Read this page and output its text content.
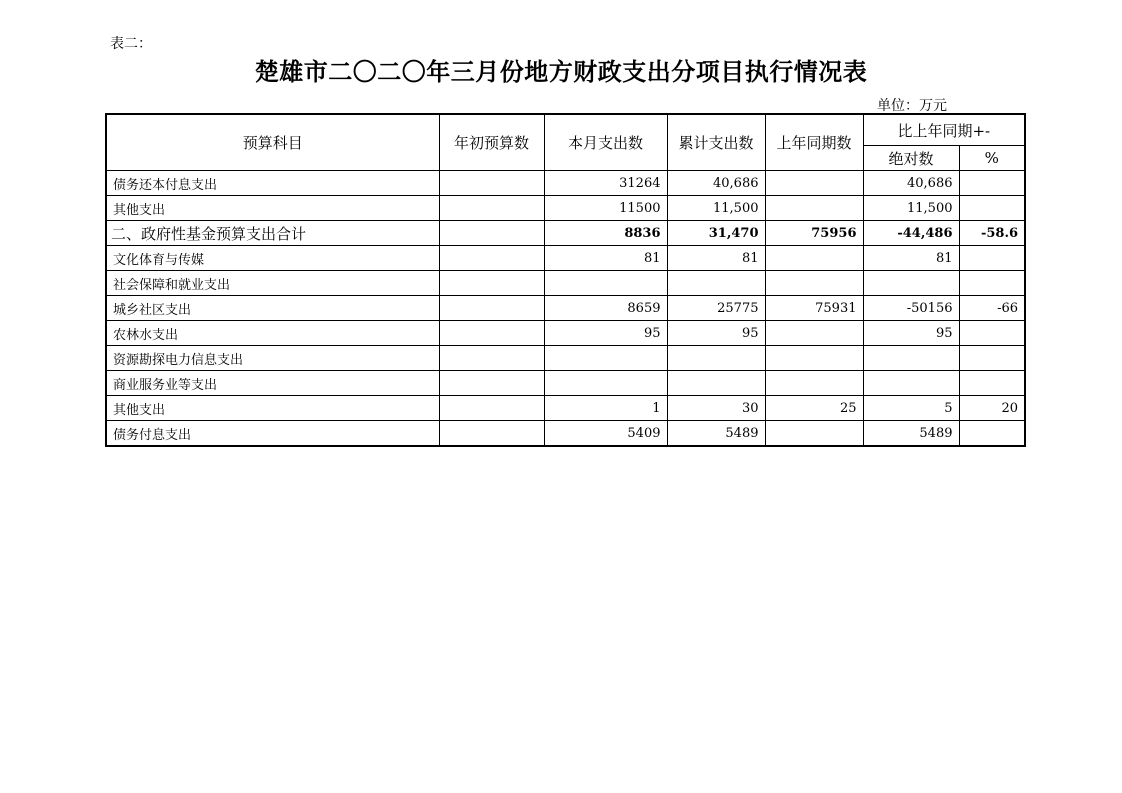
表二：
楚雄市二〇二〇年三月份地方财政支出分项目执行情况表
单位：万元
预算科目	年初预算数	本月支出数	累计支出数	上年同期数	比上年同期+-	
					绝对数	%
债务还本付息支出		31264	40,686		40,686	
其他支出		11500	11,500		11,500	
二、政府性基金预算支出合计		8836	31,470	75956	-44,486	-58.6
文化体育与传媒		81	81		81	
社会保障和就业支出						
城乡社区支出		8659	25775	75931	-50156	-66
农林水支出		95	95		95	
资源勘探电力信息支出						
商业服务业等支出						
其他支出		1	30	25	5	20
债务付息支出		5409	5489		5489	
